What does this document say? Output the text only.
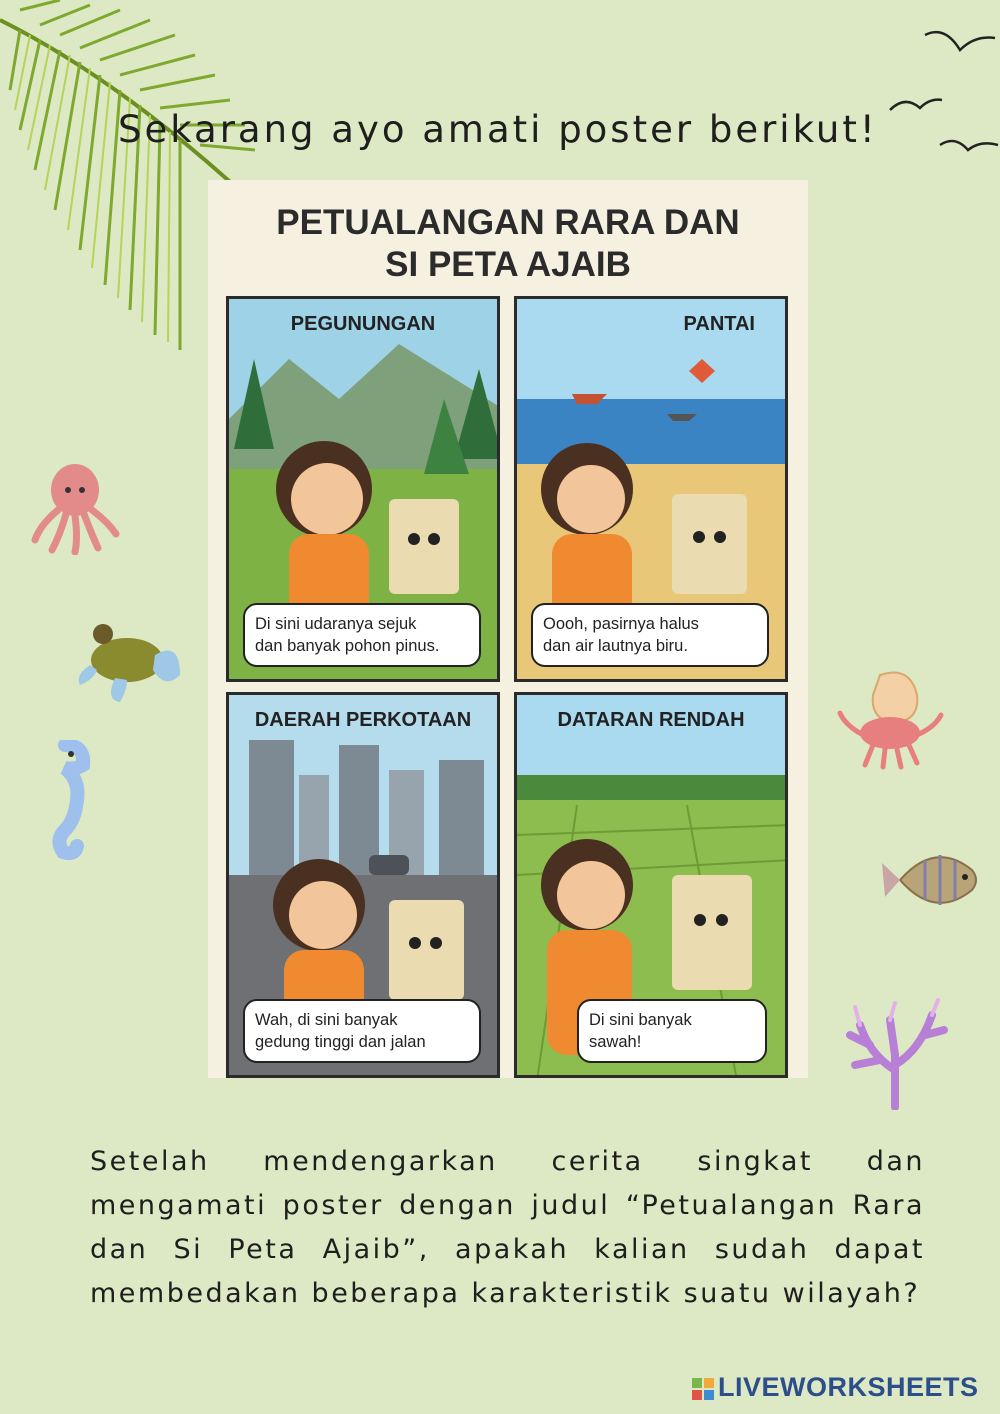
Sekarang ayo amati poster berikut!
PETUALANGAN RARA DAN
SI PETA AJAIB
PEGUNUNGAN
Di sini udaranya sejuk
dan banyak pohon pinus.
PANTAI
Oooh, pasirnya halus
dan air lautnya biru.
DAERAH PERKOTAAN
Wah, di sini banyak
gedung tinggi dan jalan
DATARAN RENDAH
Di sini banyak
sawah!
Setelah mendengarkan cerita singkat dan mengamati poster dengan judul “Petualangan Rara dan Si Peta Ajaib”, apakah kalian sudah dapat membedakan beberapa karakteristik suatu wilayah?
LIVEWORKSHEETS
